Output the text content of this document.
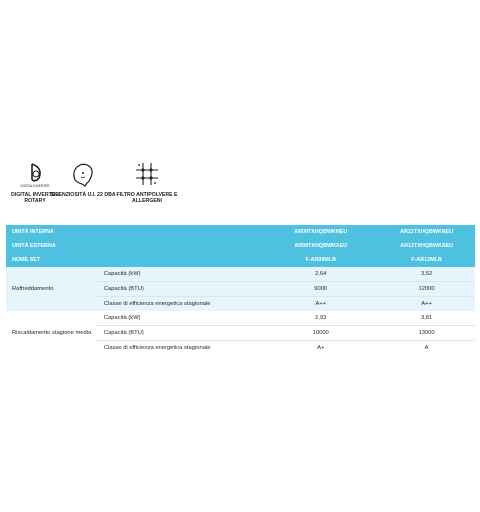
DIGITAL INVERTER
DIGITAL INVERTER ROTARY
SILENZIOSITÀ U.I. 22 DBA FILTRO ANTIPOLVERE E ALLERGENI
UNITÀ INTERNA		AR09TXHQBWKNEU	AR12TXHQBWKNEU
UNITÀ ESTERNA		AR09TXHQBWKXEU	AR12TXHQBWKXEU
NOME SET		F-AR09MLB	F-AR12MLB
Raffreddamento	Capacità (kW)	2,64	3,52
	Capacità (BTU)	9000	12000
	Classe di efficienza energetica stagionale	A++	A++
Riscaldamento stagione media	Capacità (kW)	2,93	3,81
	Capacità (BTU)	10000	13000
	Classe di efficienza energetica stagionale	A+	A
